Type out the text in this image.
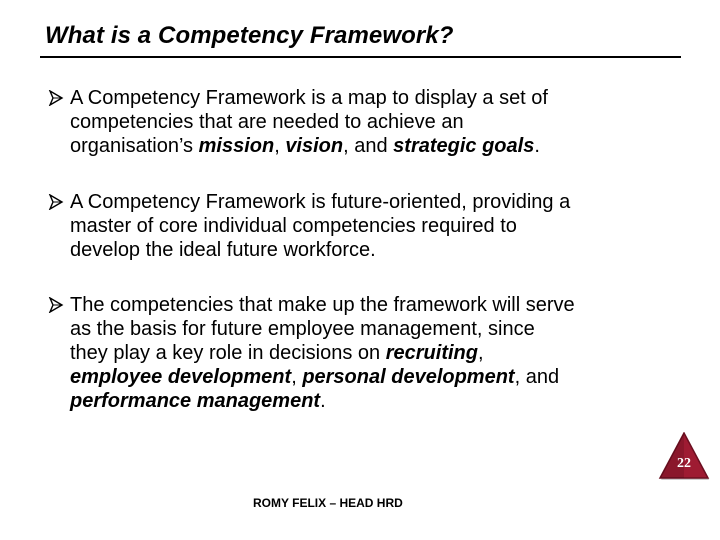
What is a Competency Framework?
A Competency Framework is a map to display a set of
competencies that are needed to achieve an
organisation’s mission, vision, and strategic goals.
A Competency Framework is future-oriented, providing a
master of core individual competencies required to
develop the ideal future workforce.
The competencies that make up the framework will serve
as the basis for future employee management, since
they play a key role in decisions on recruiting,
employee development, personal development, and
performance management.
22
ROMY FELIX – HEAD HRD
